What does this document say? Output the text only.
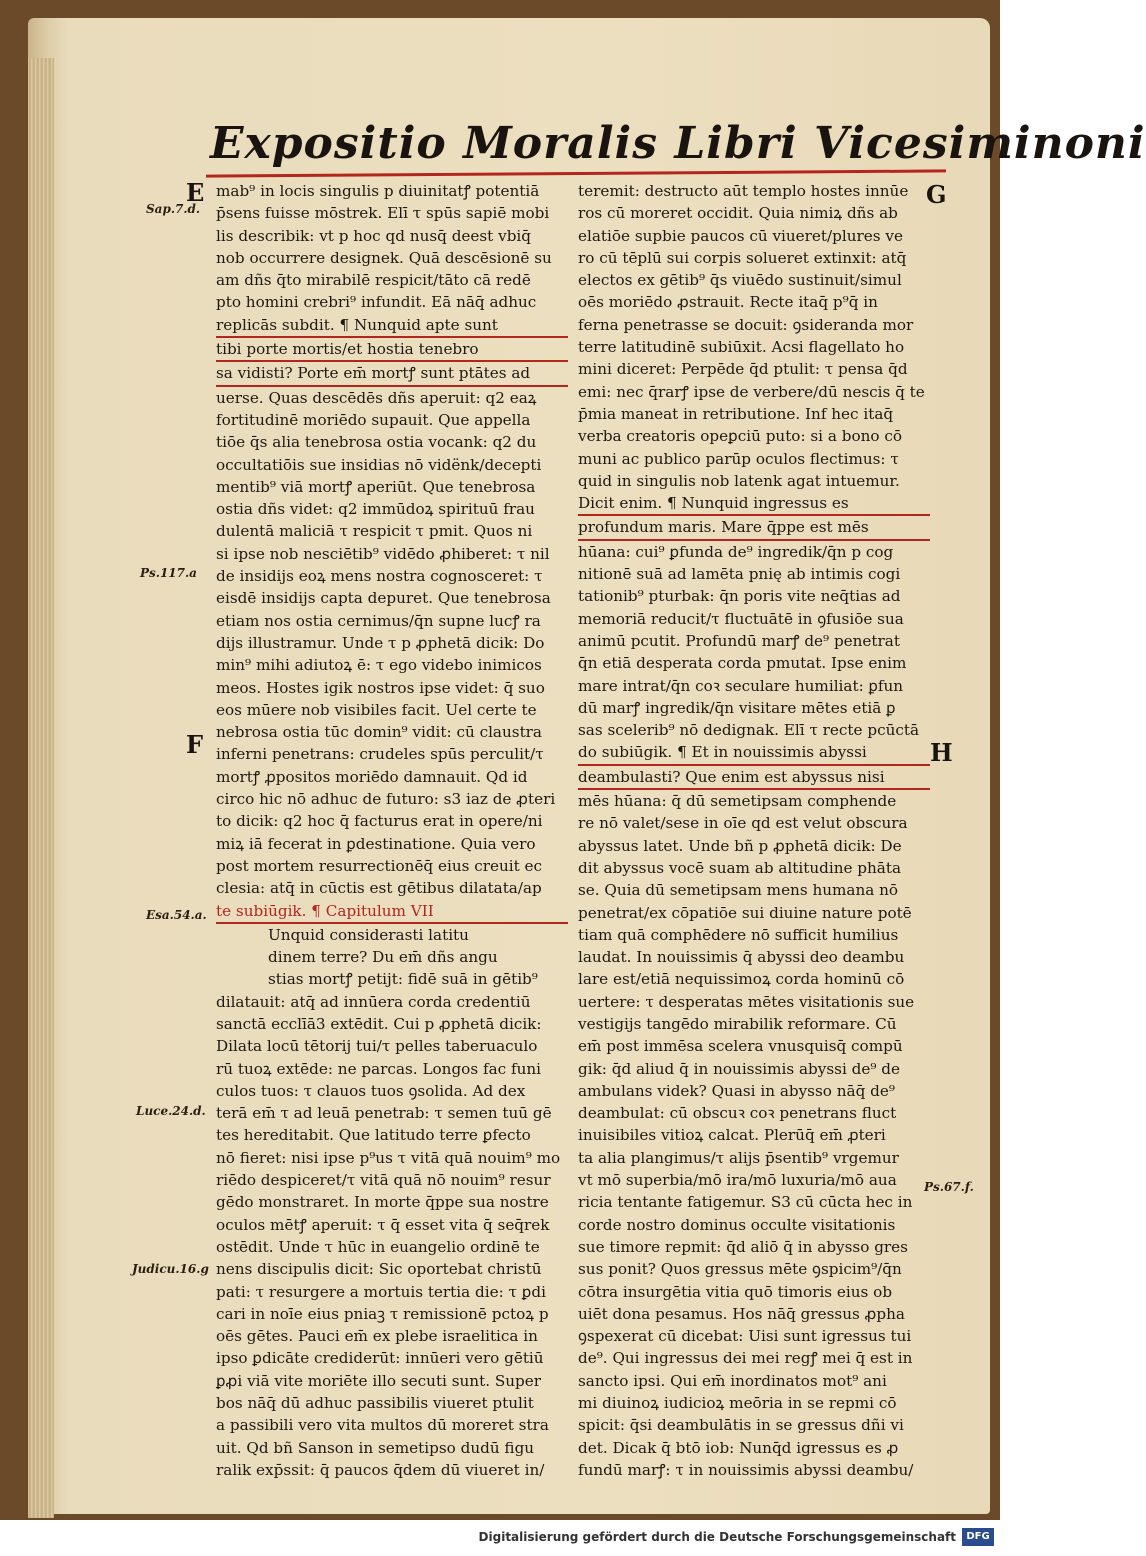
Expositio Moralis Libri Vicesiminoni
E	G
F	H
Sap.7.d.
Ps.117.a
Esa.54.a.
Luce.24.d.
Judicu.16.g
Ps.67.f.

mab⁹ in locis singulis p diuinitatꝭ potentiā

p̄sens fuisse mōstrek. Elī τ spūs sapiē mobi

lis describik: vt p hoc qd nusq̄ deest vbiq̄

nob occurrere designek. Quā descēsionē su

am dñs q̄to mirabilē respicit/tāto cā redē

pto homini crebri⁹ infundit. Eā nāq̄ adhuc

replicās subdit. ¶ Nunquid apte sunt

tibi porte mortis/et hostia tenebro

sa vidisti? Porte em̄ mortꝭ sunt ptātes ad

uerse. Quas descēdēs dñs aperuit: q2 eaꝝ

fortitudinē moriēdo supauit. Que appella

tiōe q̄s alia tenebrosa ostia vocank: q2 du

occultatiōis sue insidias nō vidënk/decepti

mentib⁹ viā mortꝭ aperiūt. Que tenebrosa

ostia dñs videt: q2 immūdoꝝ spirituū frau

dulentā maliciā τ respicit τ pmit. Quos ni

si ipse nob nesciētib⁹ vidēdo ꝓhiberet: τ nil

de insidijs eoꝝ mens nostra cognosceret: τ

eisdē insidijs capta depuret. Que tenebrosa

etiam nos ostia cernimus/q̄n supne lucꝭ ra

dijs illustramur. Unde τ p ꝓphetā dicik: Do

min⁹ mihi adiutoꝝ ē: τ ego videbo inimicos

meos. Hostes igik nostros ipse videt: q̄ suo

eos mūere nob visibiles facit. Uel certe te

nebrosa ostia tūc domin⁹ vidit: cū claustra

inferni penetrans: crudeles spūs perculit/τ

mortꝭ ꝓpositos moriēdo damnauit. Qd id

circo hic nō adhuc de futuro: s3 iaz de ꝓteri

to dicik: q2 hoc q̄ facturus erat in opere/ni

miꝝ iā fecerat in ꝑdestinatione. Quia vero

post mortem resurrectionēq̄ eius creuit ec

clesia: atq̄ in cūctis est gētibus dilatata/ap

te subiūgik. ¶ Capitulum VII

Unquid considerasti latitu

dinem terre? Du em̄ dñs angu

stias mortꝭ petijt: fidē suā in gētib⁹

dilatauit: atq̄ ad innūera corda credentiū

sanctā ecclīā3 extēdit. Cui p ꝓphetā dicik:

Dilata locū tētorij tui/τ pelles taberuaculo

rū tuoꝝ extēde: ne parcas. Longos fac funi

culos tuos: τ clauos tuos ꝯsolida. Ad dex

terā em̄ τ ad leuā penetrab: τ semen tuū gē

tes hereditabit. Que latitudo terre ꝑfecto

nō fieret: nisi ipse p⁹us τ vitā quā nouim⁹ mo

riēdo despiceret/τ vitā quā nō nouim⁹ resur

gēdo monstraret. In morte q̄ppe sua nostre

oculos mētꝭ aperuit: τ q̄ esset vita q̄ seq̄rek

ostēdit. Unde τ hūc in euangelio ordinē te

nens discipulis dicit: Sic oportebat christū

pati: τ resurgere a mortuis tertia die: τ ꝑdi

cari in noīe eius pniaꝫ τ remissionē pctoꝝ p

oēs gētes. Pauci em̄ ex plebe israelitica in

ipso ꝑdicāte crediderūt: innūeri vero gētiū

ꝑꝓi viā vite moriēte illo secuti sunt. Super

bos nāq̄ dū adhuc passibilis viueret ptulit

a passibili vero vita multos dū moreret stra

uit. Qd bñ Sanson in semetipso dudū figu

ralik exp̄ssit: q̄ paucos q̄dem dū viueret in/

teremit: destructo aūt templo hostes innūe

ros cū moreret occidit. Quia nimiꝝ dñs ab

elatiōe supbie paucos cū viueret/plures ve

ro cū tēplū sui corpis solueret extinxit: atq̄

electos ex gētib⁹ q̄s viuēdo sustinuit/simul

oēs moriēdo ꝓstrauit. Recte itaq̄ p⁹q̄ in

ferna penetrasse se docuit: ꝯsideranda mor

terre latitudinē subiūxit. Acsi flagellato ho

mini diceret: Perpēde q̄d ptulit: τ pensa q̄d

emi: nec q̄rarꝭ ipse de verbere/dū nescis q̄ te

p̄mia maneat in retributione. Inf hec itaq̄

verba creatoris opeꝑciū puto: si a bono cō

muni ac publico parūp oculos flectimus: τ

quid in singulis nob latenk agat intuemur.

Dicit enim. ¶ Nunquid ingressus es

profundum maris. Mare q̄ppe est mēs

hūana: cui⁹ ꝑfunda de⁹ ingredik/q̄n p cog

nitionē suā ad lamēta pnię ab intimis cogi

tationib⁹ pturbak: q̄n poris vite neq̄tias ad

memoriā reducit/τ fluctuātē in ꝯfusiōe sua

animū pcutit. Profundū marꝭ de⁹ penetrat

q̄n etiā desperata corda pmutat. Ipse enim

mare intrat/q̄n coꝛ seculare humiliat: ꝑfun

dū marꝭ ingredik/q̄n visitare mētes etiā ꝑ

sas scelerib⁹ nō dedignak. Elī τ recte pcūctā

do subiūgik. ¶ Et in nouissimis abyssi

deambulasti? Que enim est abyssus nisi

mēs hūana: q̄ dū semetipsam comphende

re nō valet/sese in oīe qd est velut obscura

abyssus latet. Unde bñ p ꝓphetā dicik: De

dit abyssus vocē suam ab altitudine phāta

se. Quia dū semetipsam mens humana nō

penetrat/ex cōpatiōe sui diuine nature potē

tiam quā comphēdere nō sufficit humilius

laudat. In nouissimis q̄ abyssi deo deambu

lare est/etiā nequissimoꝝ corda hominū cō

uertere: τ desperatas mētes visitationis sue

vestigijs tangēdo mirabilik reformare. Cū

em̄ post immēsa scelera vnusquisq̄ compū

gik: q̄d aliud q̄ in nouissimis abyssi de⁹ de

ambulans videk? Quasi in abysso nāq̄ de⁹

deambulat: cū obscuꝛ coꝛ penetrans fluct

inuisibiles vitioꝝ calcat. Plerūq̄ em̄ ꝓteri

ta alia plangimus/τ alijs p̄sentib⁹ vrgemur

vt mō superbia/mō ira/mō luxuria/mō aua

ricia tentante fatigemur. S3 cū cūcta hec in

corde nostro dominus occulte visitationis

sue timore repmit: q̄d aliō q̄ in abysso gres

sus ponit? Quos gressus mēte ꝯspicim⁹/q̄n

cōtra insurgētia vitia quō timoris eius ob

uiēt dona pesamus. Hos nāq̄ gressus ꝓpha

ꝯspexerat cū dicebat: Uisi sunt igressus tui

de⁹. Qui ingressus dei mei regꝭ mei q̄ est in

sancto ipsi. Qui em̄ inordinatos mot⁹ ani

mi diuinoꝝ iudicioꝝ meōria in se repmi cō

spicit: q̄si deambulātis in se gressus dñi vi

det. Dicak q̄ btō iob: Nunq̄d igressus es ꝓ

fundū marꝭ: τ in nouissimis abyssi deambu/

Digitalisierung gefördert durch die Deutsche Forschungsgemeinschaft	DFG
